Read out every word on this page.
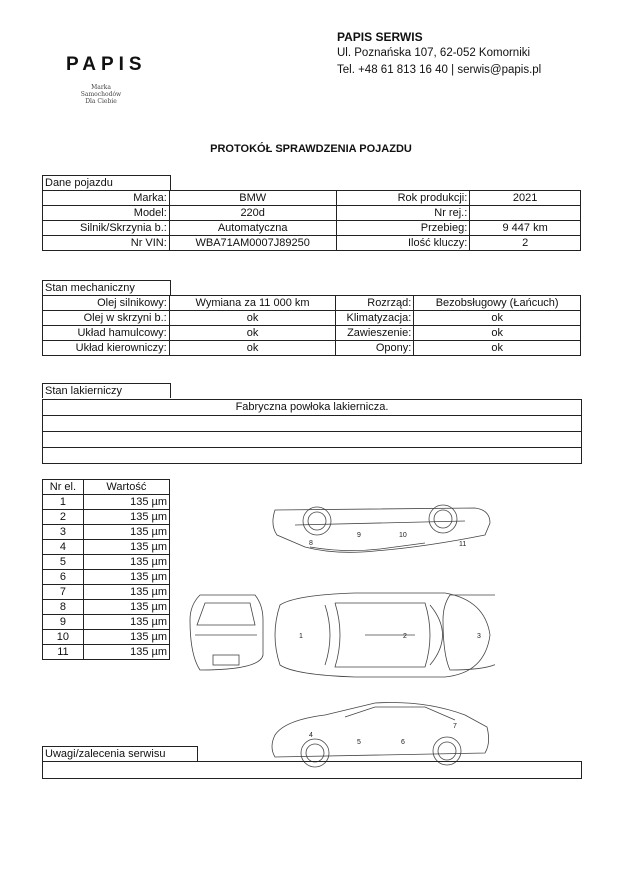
PAPIS
Marka
Samochodów
Dla Ciebie
PAPIS SERWIS
Ul. Poznańska 107, 62-052 Komorniki
Tel. +48 61 813 16 40 | serwis@papis.pl
PROTOKÓŁ SPRAWDZENIA POJAZDU
Dane pojazdu
Marka:	BMW	Rok produkcji:	2021
Model:	220d	Nr rej.:	
Silnik/Skrzynia b.:	Automatyczna	Przebieg:	9 447 km
Nr VIN:	WBA71AM0007J89250	Ilość kluczy:	2
Stan mechaniczny
Olej silnikowy:	Wymiana za 11 000 km	Rozrząd:	Bezobsługowy (Łańcuch)
Olej w skrzyni b.:	ok	Klimatyzacja:	ok
Układ hamulcowy:	ok	Zawieszenie:	ok
Układ kierowniczy:	ok	Opony:	ok
Stan lakierniczy
Fabryczna powłoka lakiernicza.
Nr el.	Wartość
1	135 µm
2	135 µm
3	135 µm
4	135 µm
5	135 µm
6	135 µm
7	135 µm
8	135 µm
9	135 µm
10	135 µm
11	135 µm
1	2	3
4
5	6
7
8
9	10
11
Uwagi/zalecenia serwisu
